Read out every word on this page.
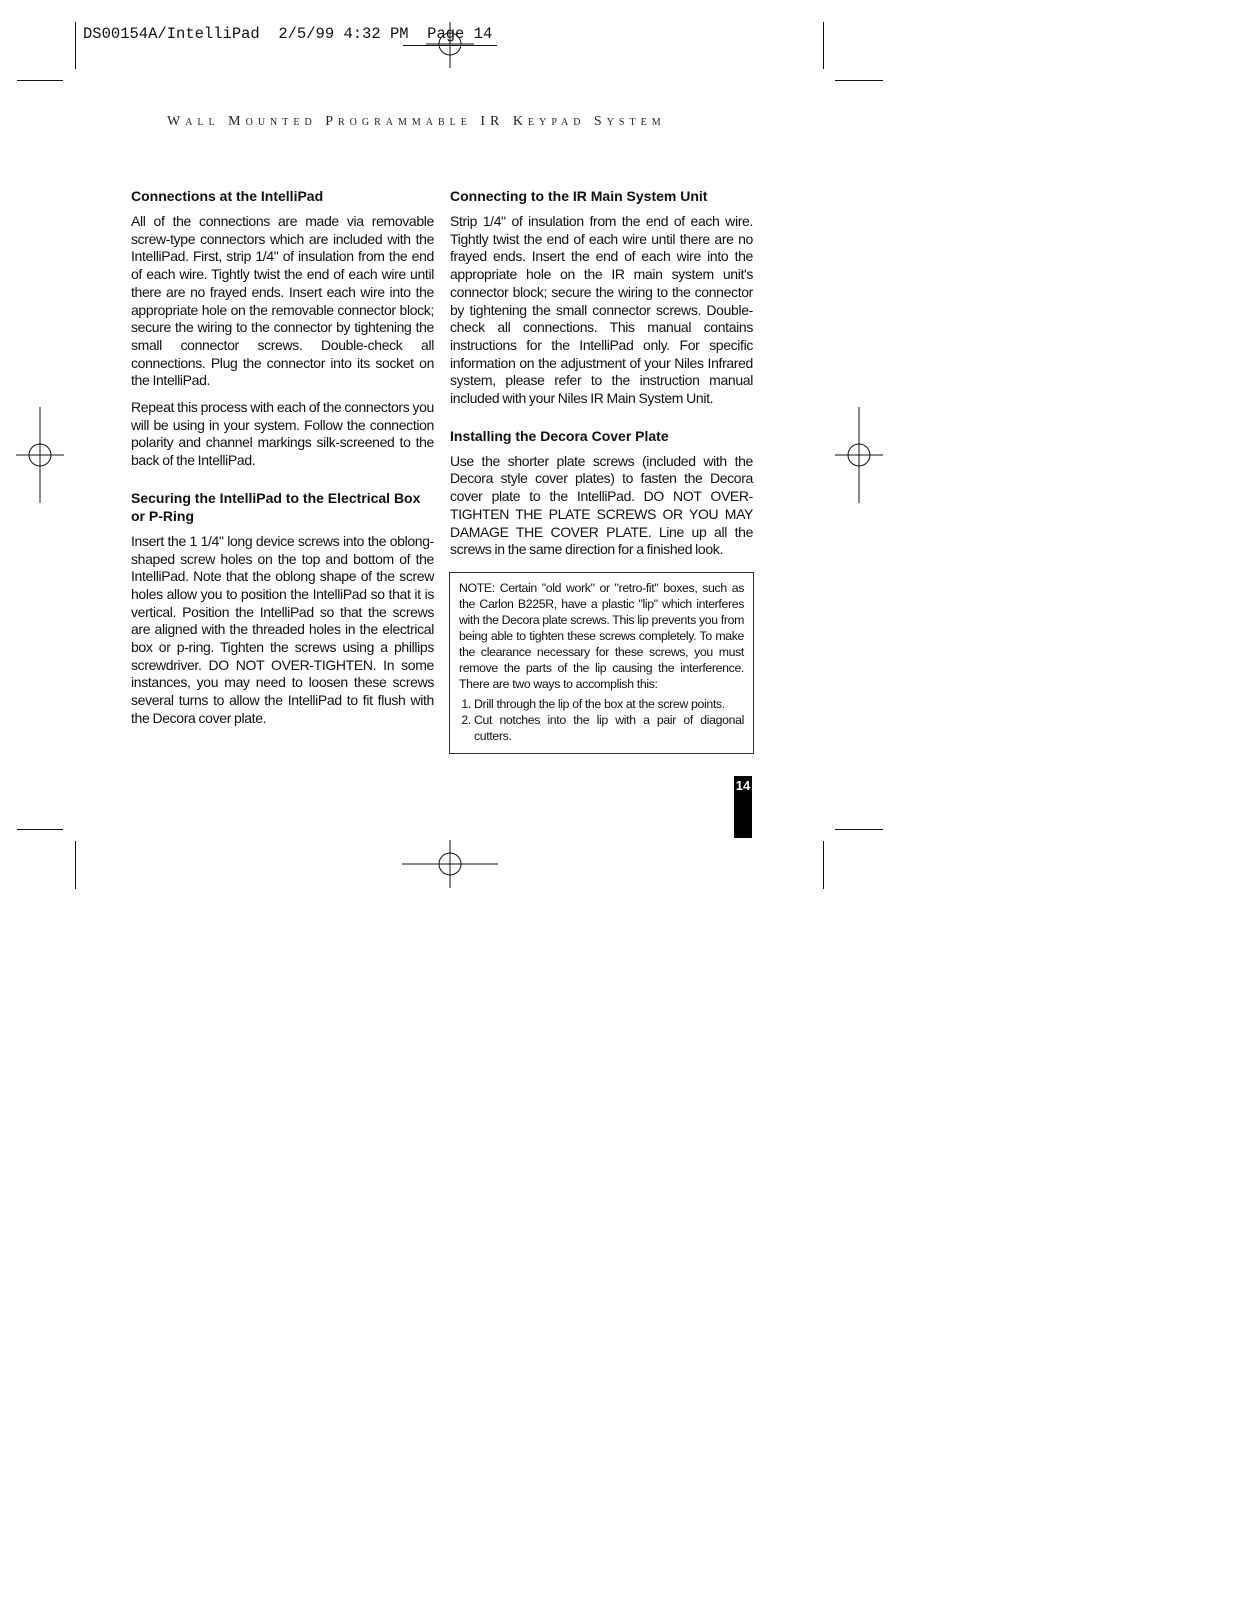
DS00154A/IntelliPad  2/5/99 4:32 PM  Page 14
Wall Mounted Programmable IR Keypad System
Connections at the IntelliPad

All of the connections are made via removable screw-type connectors which are included with the IntelliPad. First, strip 1/4" of insulation from the end of each wire. Tightly twist the end of each wire until there are no frayed ends. Insert each wire into the appropriate hole on the removable connector block; secure the wiring to the connector by tightening the small connector screws. Double-check all connections. Plug the connector into its socket on the IntelliPad.

Repeat this process with each of the connectors you will be using in your system. Follow the connection polarity and channel markings silk-screened to the back of the IntelliPad.

Securing the IntelliPad to the Electrical Box or P-Ring

Insert the 1 1/4" long device screws into the oblong-shaped screw holes on the top and bottom of the IntelliPad. Note that the oblong shape of the screw holes allow you to position the IntelliPad so that it is vertical. Position the IntelliPad so that the screws are aligned with the threaded holes in the electrical box or p-ring. Tighten the screws using a phillips screwdriver. DO NOT OVER-TIGHTEN. In some instances, you may need to loosen these screws several turns to allow the IntelliPad to fit flush with the Decora cover plate.

Connecting to the IR Main System Unit

Strip 1/4" of insulation from the end of each wire. Tightly twist the end of each wire until there are no frayed ends. Insert the end of each wire into the appropriate hole on the IR main system unit's connector block; secure the wiring to the connector by tightening the small connector screws. Double-check all connections. This manual contains instructions for the IntelliPad only. For specific information on the adjustment of your Niles Infrared system, please refer to the instruction manual included with your Niles IR Main System Unit.

Installing the Decora Cover Plate

Use the shorter plate screws (included with the Decora style cover plates) to fasten the Decora cover plate to the IntelliPad. DO NOT OVER-TIGHTEN THE PLATE SCREWS OR YOU MAY DAMAGE THE COVER PLATE. Line up all the screws in the same direction for a finished look.

NOTE: Certain "old work" or "retro-fit" boxes, such as the Carlon B225R, have a plastic "lip" which interferes with the Decora plate screws. This lip prevents you from being able to tighten these screws completely. To make the clearance necessary for these screws, you must remove the parts of the lip causing the interference. There are two ways to accomplish this:

1. Drill through the lip of the box at the screw points.
2. Cut notches into the lip with a pair of diagonal cutters.
14
